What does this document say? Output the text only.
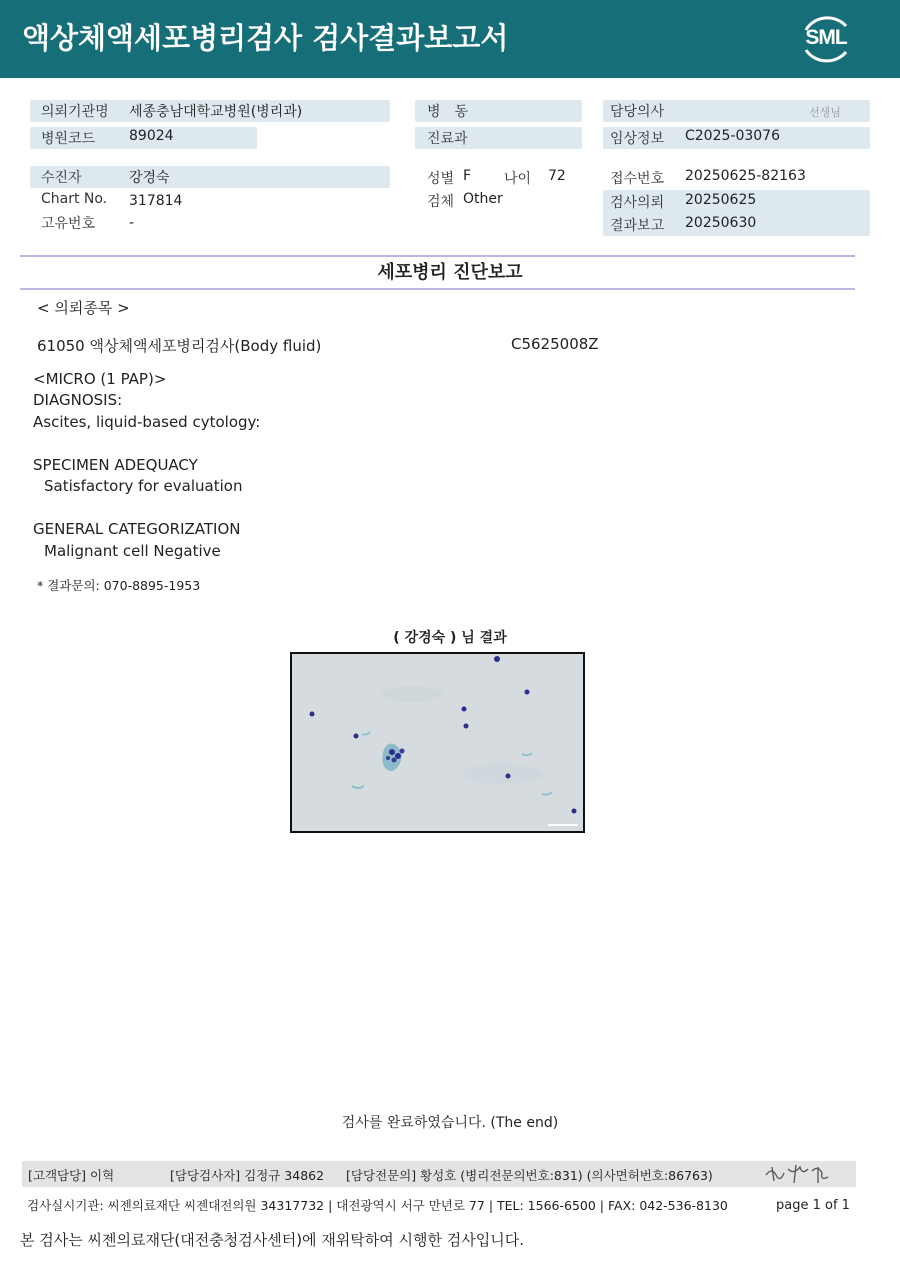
액상체액세포병리검사 검사결과보고서	SML
의뢰기관명 세종충남대학교병원(병리과)
병원코드 89024
병　동
진료과
담당의사	선생님
임상정보 C2025-03076
수진자	강경숙
Chart No. 317814
고유번호 -
성별 F 나이 72
검체 Other
접수번호 20250625-82163
검사의뢰 20250625
결과보고 20250630
세포병리 진단보고
< 의뢰종목 >
61050 액상체액세포병리검사(Body fluid)	C5625008Z
<MICRO (1 PAP)>
DIAGNOSIS:
Ascites, liquid-based cytology:
SPECIMEN ADEQUACY
Satisfactory for evaluation
GENERAL CATEGORIZATION
Malignant cell Negative
* 결과문의: 070-8895-1953
( 강경숙 ) 님 결과
검사를 완료하였습니다. (The end)
[고객담당] 이혁	[담당검사자] 김정규 34862 [담당전문의] 황성호 (병리전문의번호:831) (의사면허번호:86763)
검사실시기관: 씨젠의료재단 씨젠대전의원 34317732 | 대전광역시 서구 만년로 77 | TEL: 1566-6500 | FAX: 042-536-8130	page 1 of 1
본 검사는 씨젠의료재단(대전충청검사센터)에 재위탁하여 시행한 검사입니다.
